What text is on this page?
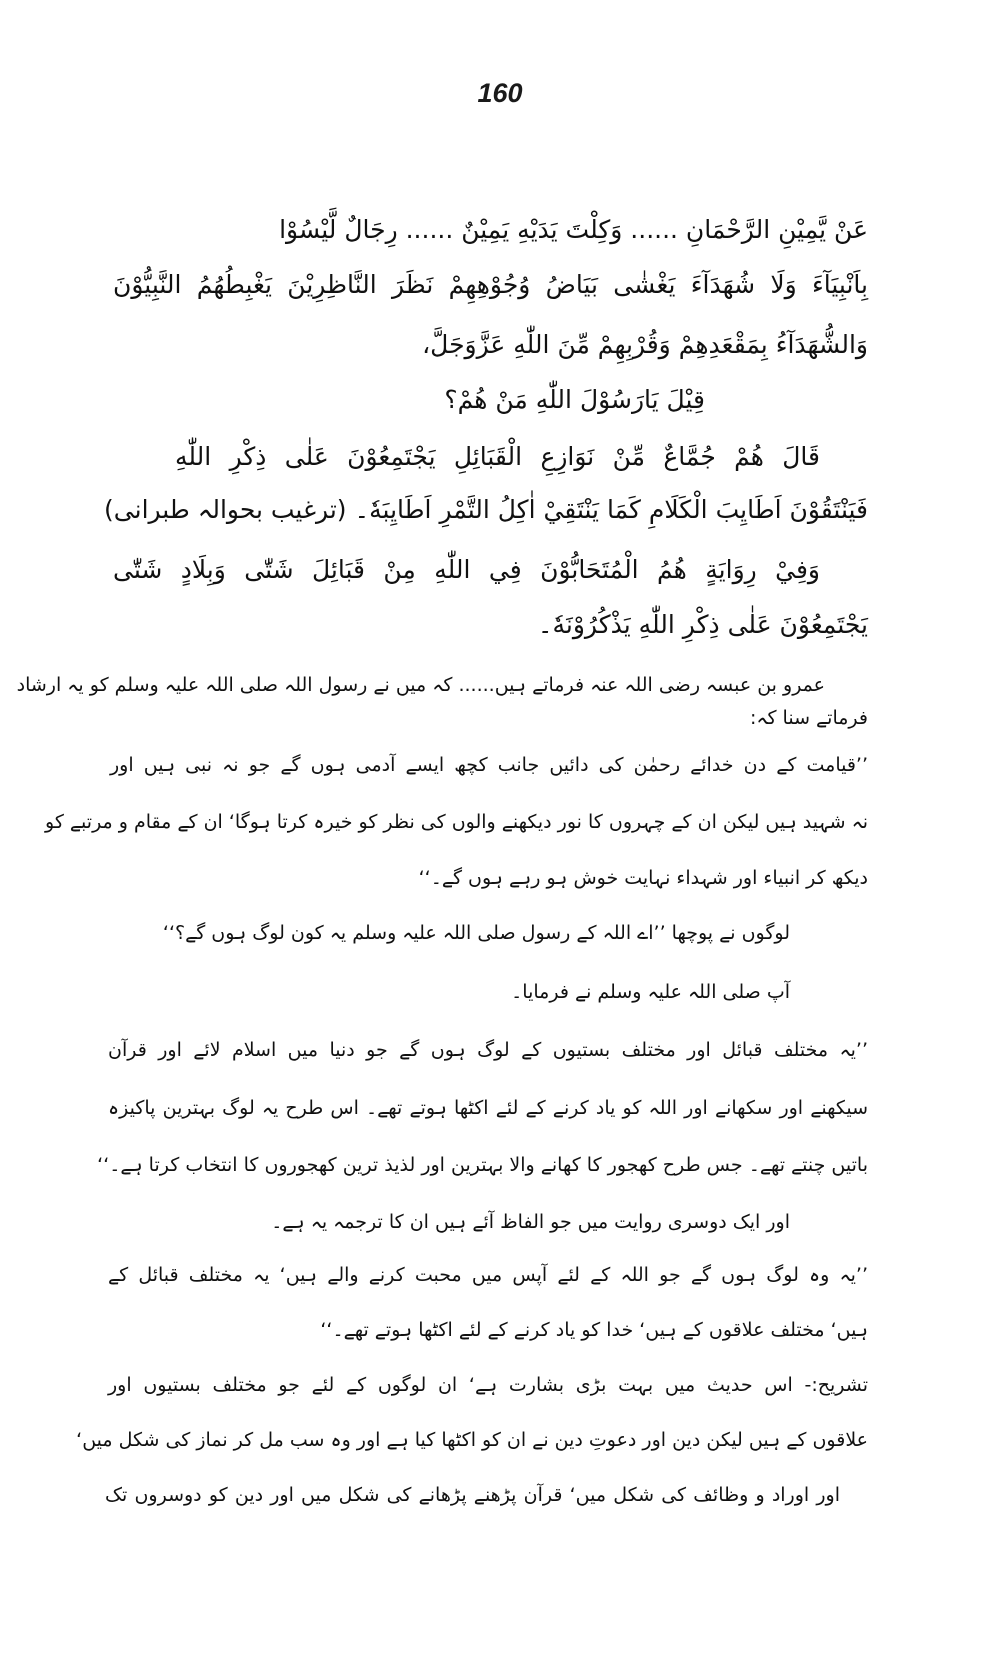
160
عَنْ يَّمِيْنِ الرَّحْمَانِ ...... وَكِلْتَ يَدَيْهِ يَمِيْنٌ ...... رِجَالٌ لَّيْسُوْا
بِاَنْبِيَآءَ وَلَا شُهَدَآءَ يَغْشٰى بَيَاضُ وُجُوْهِهِمْ نَظَرَ النَّاظِرِيْنَ يَغْبِطُهُمُ النَّبِيُّوْنَ
وَالشُّهَدَآءُ بِمَقْعَدِهِمْ وَقُرْبِهِمْ مِّنَ اللّٰهِ عَزَّوَجَلَّ،
قِيْلَ يَارَسُوْلَ اللّٰهِ مَنْ هُمْ؟
قَالَ هُمْ جُمَّاعٌ مِّنْ نَوَازِعِ الْقَبَائِلِ يَجْتَمِعُوْنَ عَلٰى ذِكْرِ اللّٰهِ
فَيَنْتَقُوْنَ اَطَايِبَ الْكَلَامِ كَمَا يَنْتَقِيْ اٰكِلُ التَّمْرِ اَطَايِبَهٗ۔ (ترغیب بحوالہ طبرانی)
وَفِيْ رِوَايَةٍ هُمُ الْمُتَحَابُّوْنَ فِي اللّٰهِ مِنْ قَبَائِلَ شَتّٰى وَبِلَادٍ شَتّٰى
يَجْتَمِعُوْنَ عَلٰى ذِكْرِ اللّٰهِ يَذْكُرُوْنَهٗ۔
عمرو بن عبسہ رضی اللہ عنہ فرماتے ہیں...... کہ میں نے رسول اللہ صلی اللہ علیہ وسلم کو یہ ارشاد
فرماتے سنا کہ:
’’قیامت کے دن خدائے رحمٰن کی دائیں جانب کچھ ایسے آدمی ہوں گے جو نہ نبی ہیں اور
نہ شہید ہیں لیکن ان کے چہروں کا نور دیکھنے والوں کی نظر کو خیرہ کرتا ہوگا‘ ان کے مقام و مرتبے کو
دیکھ کر انبیاء اور شہداء نہایت خوش ہو رہے ہوں گے۔‘‘
لوگوں نے پوچھا ’’اے اللہ کے رسول صلی اللہ علیہ وسلم یہ کون لوگ ہوں گے؟‘‘
آپ صلی اللہ علیہ وسلم نے فرمایا۔
’’یہ مختلف قبائل اور مختلف بستیوں کے لوگ ہوں گے جو دنیا میں اسلام لائے اور قرآن
سیکھنے اور سکھانے اور اللہ کو یاد کرنے کے لئے اکٹھا ہوتے تھے۔ اس طرح یہ لوگ بہترین پاکیزہ
باتیں چنتے تھے۔ جس طرح کھجور کا کھانے والا بہترین اور لذیذ ترین کھجوروں کا انتخاب کرتا ہے۔‘‘
اور ایک دوسری روایت میں جو الفاظ آئے ہیں ان کا ترجمہ یہ ہے۔
’’یہ وہ لوگ ہوں گے جو اللہ کے لئے آپس میں محبت کرنے والے ہیں‘ یہ مختلف قبائل کے
ہیں‘ مختلف علاقوں کے ہیں‘ خدا کو یاد کرنے کے لئے اکٹھا ہوتے تھے۔‘‘
تشریح:- اس حدیث میں بہت بڑی بشارت ہے‘ ان لوگوں کے لئے جو مختلف بستیوں اور
علاقوں کے ہیں لیکن دین اور دعوتِ دین نے ان کو اکٹھا کیا ہے اور وہ سب مل کر نماز کی شکل میں‘
اور اوراد و وظائف کی شکل میں‘ قرآن پڑھنے پڑھانے کی شکل میں اور دین کو دوسروں تک
